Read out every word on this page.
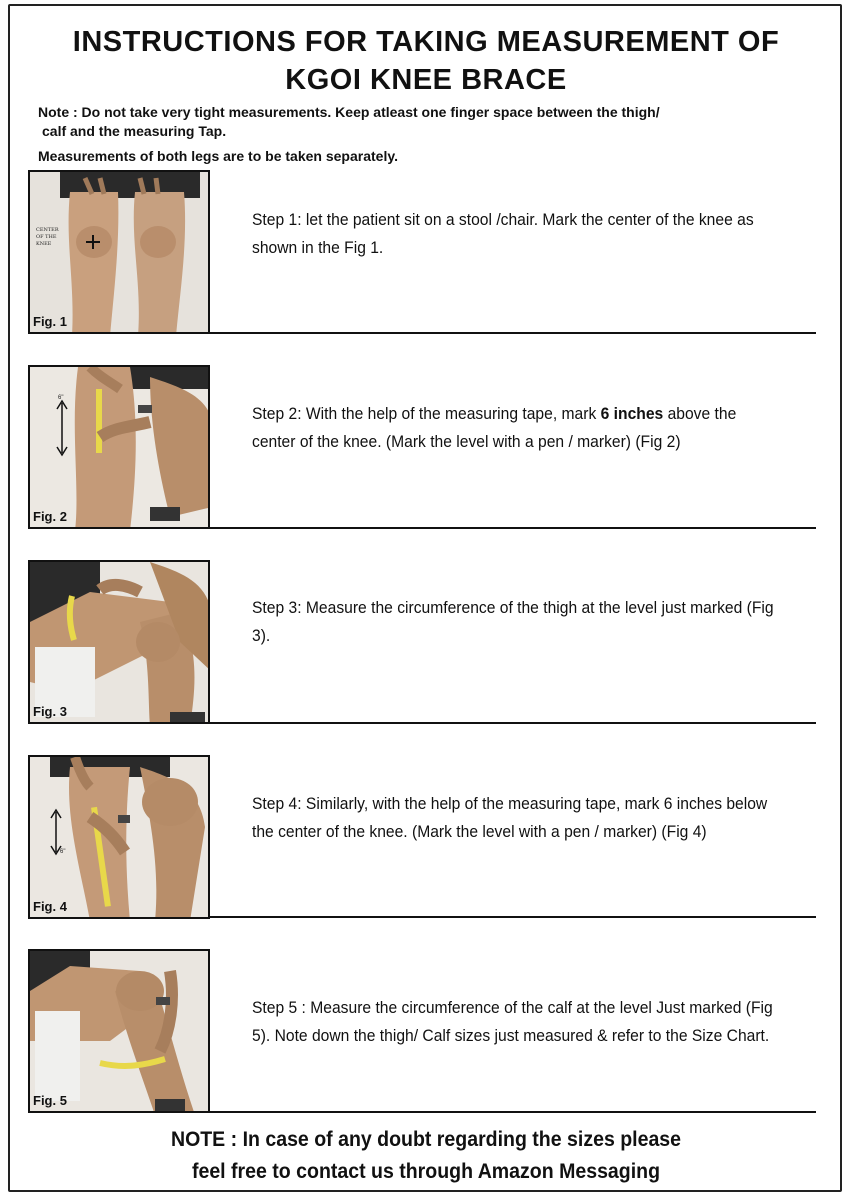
INSTRUCTIONS FOR TAKING MEASUREMENT OF
KGOI KNEE BRACE
Note : Do not take very tight measurements. Keep atleast one finger space between the thigh/
calf and the measuring Tap.
Measurements of both legs are to be taken separately.
CENTER OF THE KNEE
Fig. 1
Step 1: let the patient sit on a stool /chair. Mark the center of the knee as shown in the Fig 1.
6"
Fig. 2
Step 2: With the help of the measuring tape, mark 6 inches above the center of the knee. (Mark the level with a pen / marker) (Fig 2)
Fig. 3
Step 3: Measure the circumference of the thigh at the level just marked (Fig 3).
6"
Fig. 4
Step 4: Similarly, with the help of the measuring tape, mark 6 inches below the center of the knee. (Mark the level with a pen / marker) (Fig 4)
Fig. 5
Step 5 : Measure the circumference of the calf at the level Just marked (Fig 5). Note down the thigh/ Calf sizes just measured & refer to the Size Chart.
NOTE : In case of any doubt regarding the sizes please
feel free to contact us through Amazon Messaging
